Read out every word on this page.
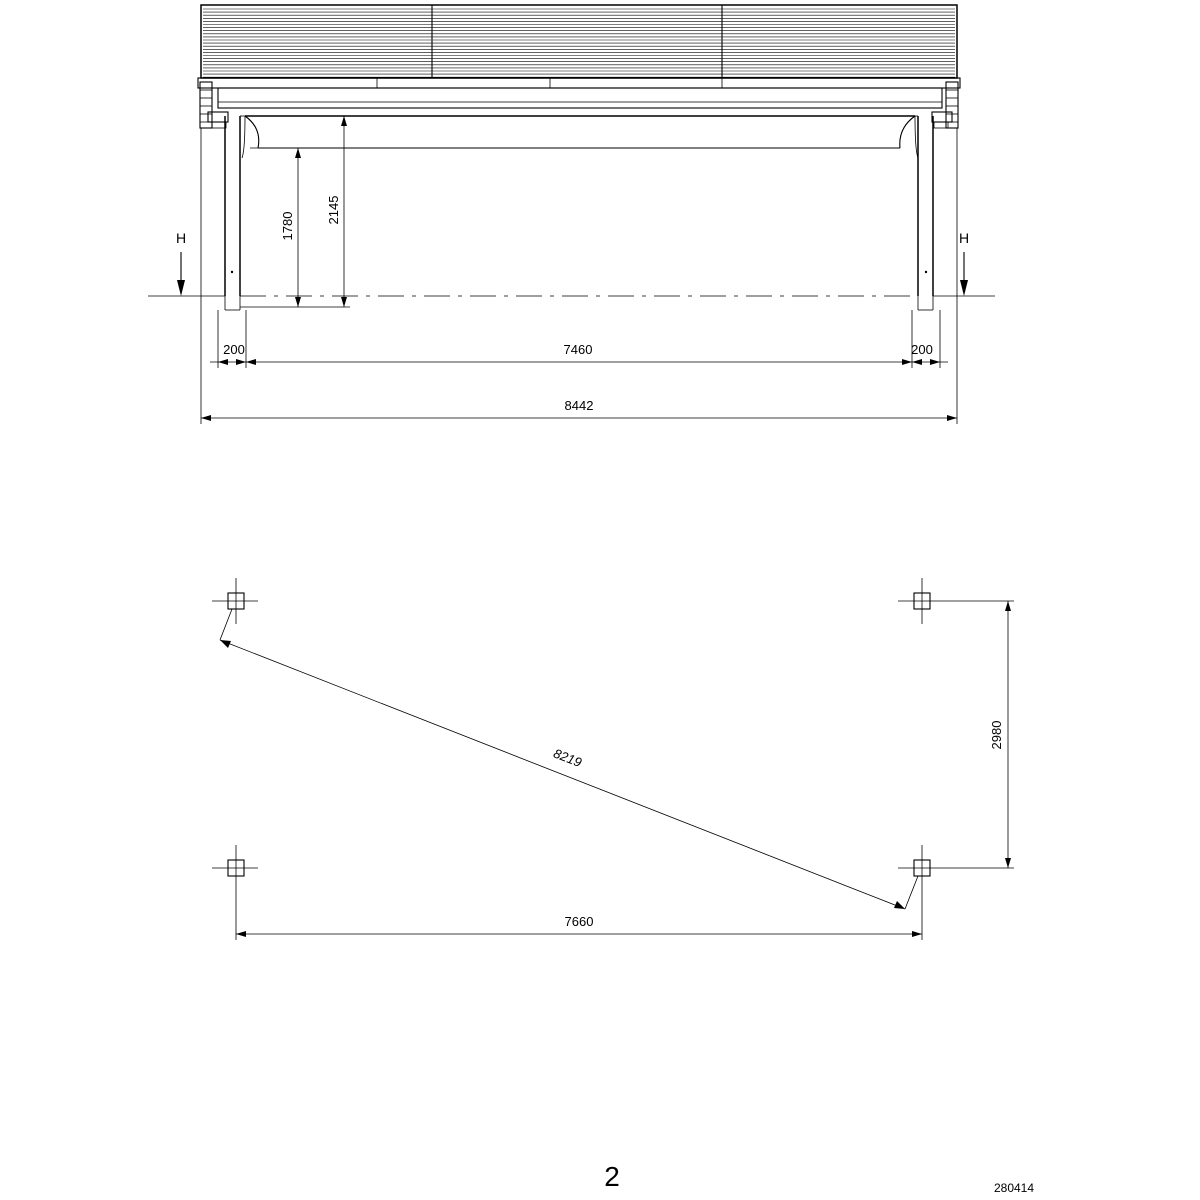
H	H
1780
2145
200	7460	200
8442
8219
7660
2980
2	280414
